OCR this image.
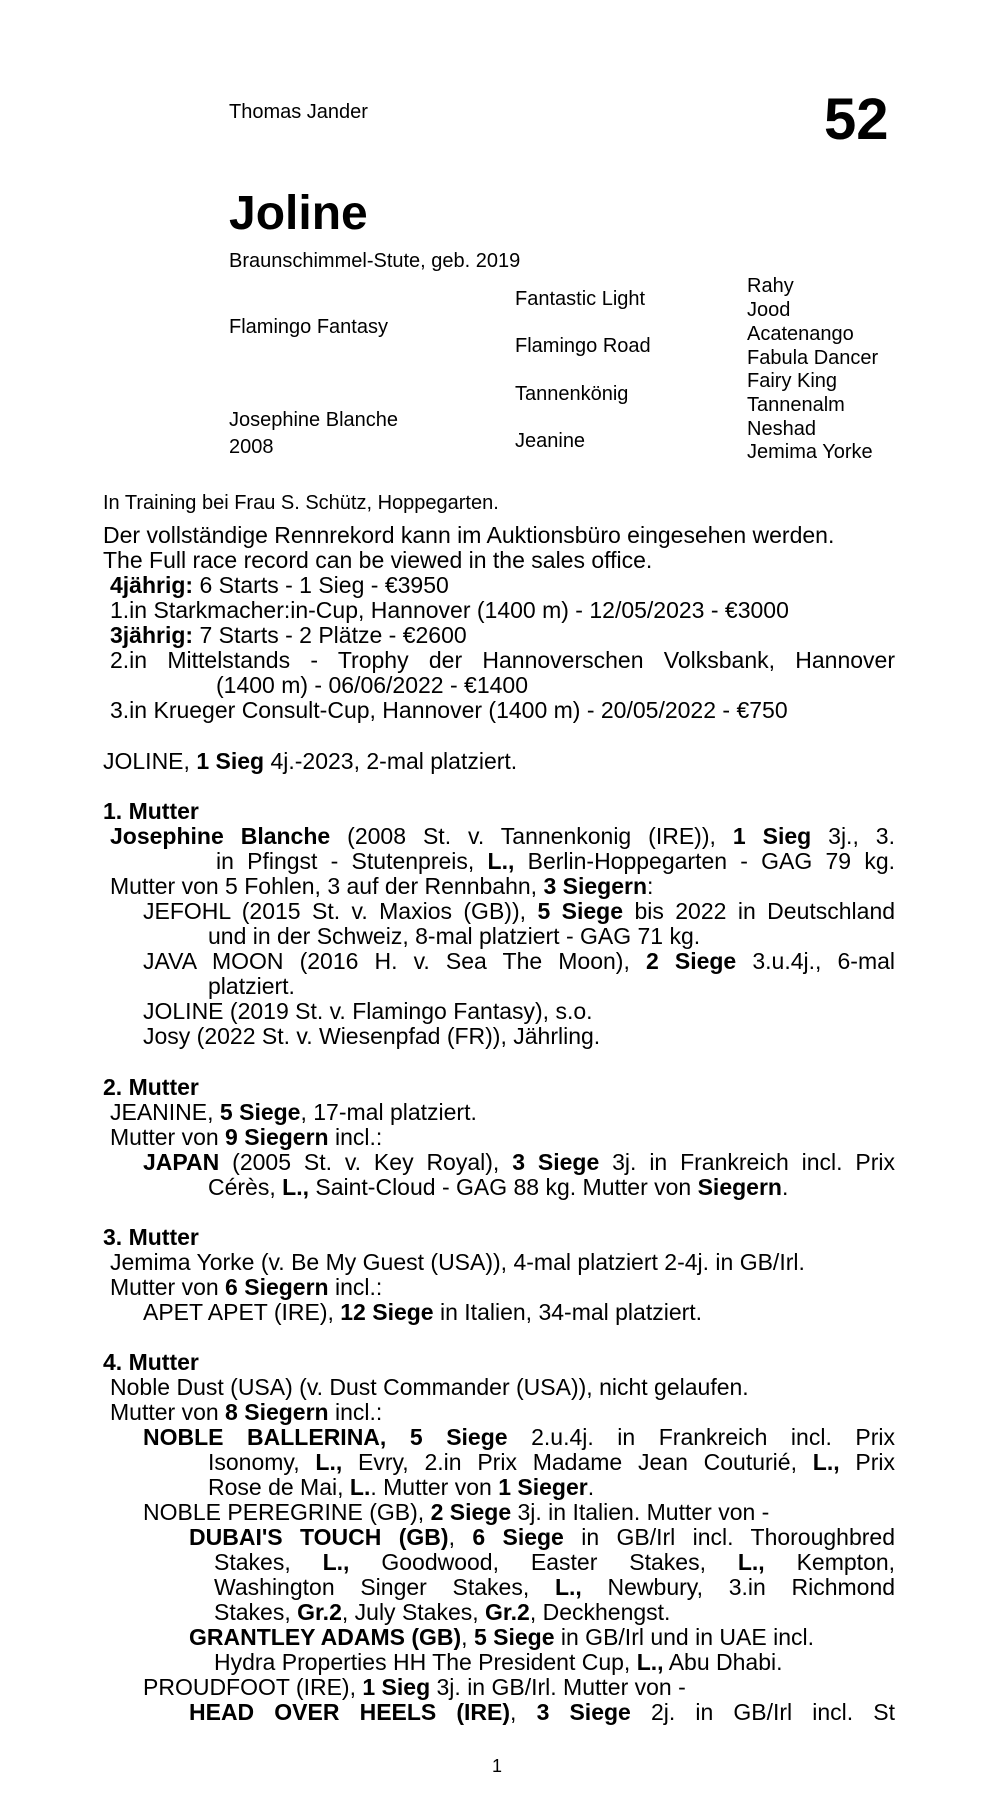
Thomas Jander	52
Joline
Braunschimmel-Stute, geb. 2019
Flamingo Fantasy
Josephine Blanche
2008
Fantastic Light
Flamingo Road
Tannenkönig
Jeanine
Rahy
Jood
Acatenango
Fabula Dancer
Fairy King
Tannenalm
Neshad
Jemima Yorke
In Training bei Frau S. Schütz, Hoppegarten.
Der vollständige Rennrekord kann im Auktionsbüro eingesehen werden.
The Full race record can be viewed in the sales office.
4jährig: 6 Starts - 1 Sieg - €3950
1.in Starkmacher:in-Cup, Hannover (1400 m) - 12/05/2023 - €3000
3jährig: 7 Starts - 2 Plätze - €2600
2.in Mittelstands - Trophy der Hannoverschen Volksbank, Hannover
(1400 m) - 06/06/2022 - €1400
3.in Krueger Consult-Cup, Hannover (1400 m) - 20/05/2022 - €750
JOLINE, 1 Sieg 4j.-2023, 2-mal platziert.
1. Mutter
Josephine Blanche (2008 St. v. Tannenkonig (IRE)), 1 Sieg 3j., 3.
in Pfingst - Stutenpreis, L., Berlin-Hoppegarten - GAG 79 kg.
Mutter von 5 Fohlen, 3 auf der Rennbahn, 3 Siegern:
JEFOHL (2015 St. v. Maxios (GB)), 5 Siege bis 2022 in Deutschland
und in der Schweiz, 8-mal platziert - GAG 71 kg.
JAVA MOON (2016 H. v. Sea The Moon), 2 Siege 3.u.4j., 6-mal
platziert.
JOLINE (2019 St. v. Flamingo Fantasy), s.o.
Josy (2022 St. v. Wiesenpfad (FR)), Jährling.
2. Mutter
JEANINE, 5 Siege, 17-mal platziert.
Mutter von 9 Siegern incl.:
JAPAN (2005 St. v. Key Royal), 3 Siege 3j. in Frankreich incl. Prix
Cérès, L., Saint-Cloud - GAG 88 kg. Mutter von Siegern.
3. Mutter
Jemima Yorke (v. Be My Guest (USA)), 4-mal platziert 2-4j. in GB/Irl.
Mutter von 6 Siegern incl.:
APET APET (IRE), 12 Siege in Italien, 34-mal platziert.
4. Mutter
Noble Dust (USA) (v. Dust Commander (USA)), nicht gelaufen.
Mutter von 8 Siegern incl.:
NOBLE BALLERINA, 5 Siege 2.u.4j. in Frankreich incl. Prix
Isonomy, L., Evry, 2.in Prix Madame Jean Couturié, L., Prix
Rose de Mai, L.. Mutter von 1 Sieger.
NOBLE PEREGRINE (GB), 2 Siege 3j. in Italien. Mutter von -
DUBAI'S TOUCH (GB), 6 Siege in GB/Irl incl. Thoroughbred
Stakes, L., Goodwood, Easter Stakes, L., Kempton,
Washington Singer Stakes, L., Newbury, 3.in Richmond
Stakes, Gr.2, July Stakes, Gr.2, Deckhengst.
GRANTLEY ADAMS (GB), 5 Siege in GB/Irl und in UAE incl.
Hydra Properties HH The President Cup, L., Abu Dhabi.
PROUDFOOT (IRE), 1 Sieg 3j. in GB/Irl. Mutter von -
HEAD OVER HEELS (IRE), 3 Siege 2j. in GB/Irl incl. St
1
